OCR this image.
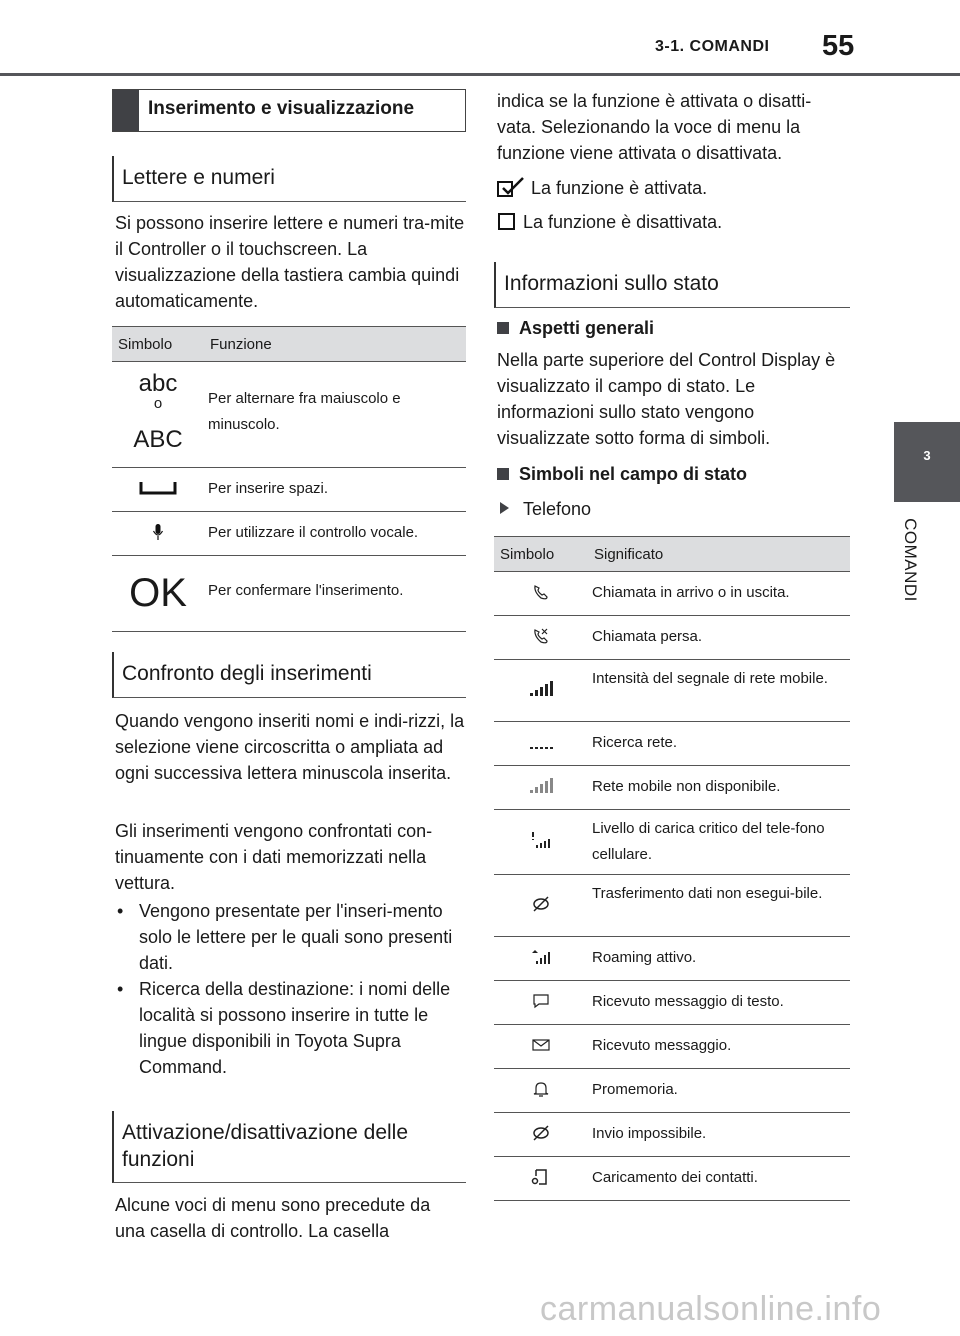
3-1. COMANDI 55
3
COMANDI
Inserimento e visualizzazione
Lettere e numeri
Si possono inserire lettere e numeri tra-mite il Controller o il touchscreen. La visualizzazione della tastiera cambia quindi automaticamente.
Simbolo	Funzione

abc
o
ABC	Per alternare fra maiuscolo e minuscolo.
	Per inserire spazi.
	Per utilizzare il controllo vocale.
OK	Per confermare l'inserimento.
Confronto degli inserimenti
Quando vengono inseriti nomi e indi-rizzi, la selezione viene circoscritta o ampliata ad ogni successiva lettera minuscola inserita.
Gli inserimenti vengono confrontati con-tinuamente con i dati memorizzati nella vettura.
• Vengono presentate per l'inseri-mento solo le lettere per le quali sono presenti dati.
• Ricerca della destinazione: i nomi delle località si possono inserire in tutte le lingue disponibili in Toyota Supra Command.
Attivazione/disattivazione delle funzioni
Alcune voci di menu sono precedute da una casella di controllo. La casella
indica se la funzione è attivata o disatti-vata. Selezionando la voce di menu la funzione viene attivata o disattivata.
La funzione è attivata.
La funzione è disattivata.
Informazioni sullo stato
Aspetti generali
Nella parte superiore del Control Display è visualizzato il campo di stato. Le informazioni sullo stato vengono visualizzate sotto forma di simboli.
Simboli nel campo di stato
Telefono
Simbolo	Significato
	Chiamata in arrivo o in uscita.
	Chiamata persa.

	Intensità del segnale di rete mobile.

	Ricerca rete.

	Rete mobile non disponibile.
	Livello di carica critico del tele-fono cellulare.
	Trasferimento dati non esegui-bile.
	Roaming attivo.
	Ricevuto messaggio di testo.
	Ricevuto messaggio.
	Promemoria.
	Invio impossibile.
	Caricamento dei contatti.
carmanualsonline.info
